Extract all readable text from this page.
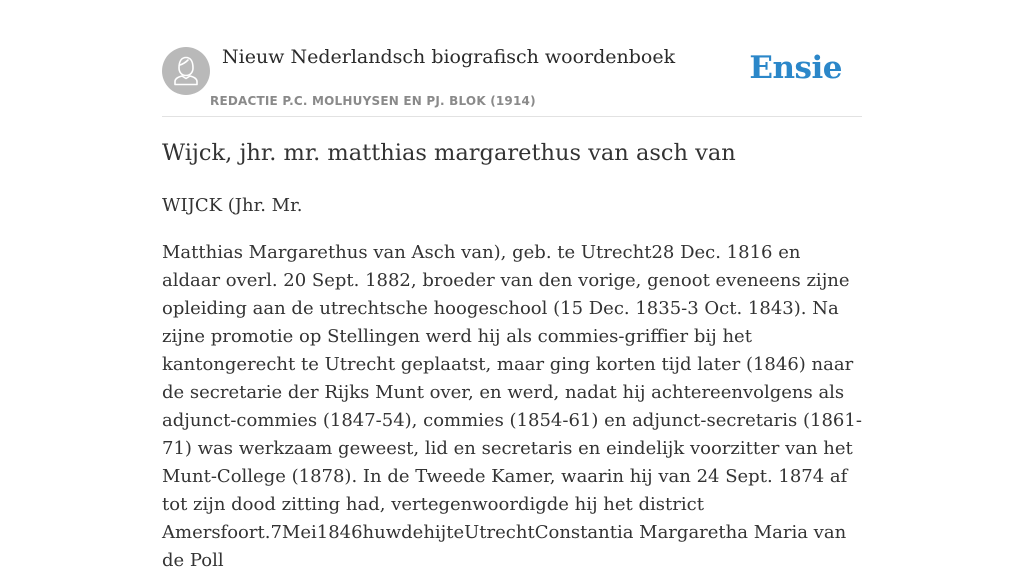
Nieuw Nederlandsch biografisch woordenboek
REDACTIE P.C. MOLHUYSEN EN PJ. BLOK (1914)
Ensie
Wijck, jhr. mr. matthias margarethus van asch van

WIJCK (Jhr. Mr.

Matthias Margarethus van Asch van), geb. te Utrecht28 Dec. 1816 en aldaar overl. 20 Sept. 1882, broeder van den vorige, genoot eveneens zijne opleiding aan de utrechtsche hoogeschool (15 Dec. 1835-3 Oct. 1843). Na zijne promotie op Stellingen werd hij als commies-griffier bij het kantongerecht te Utrecht geplaatst, maar ging korten tijd later (1846) naar de secretarie der Rijks Munt over, en werd, nadat hij achtereenvolgens als adjunct-commies (1847-54), commies (1854-61) en adjunct-secretaris (1861-71) was werkzaam geweest, lid en secretaris en eindelijk voorzitter van het Munt-College (1878). In de Tweede Kamer, waarin hij van 24 Sept. 1874 af tot zijn dood zitting had, vertegenwoordigde hij het district Amersfoort.7Mei1846huwdehijteUtrechtConstantia Margaretha Maria van de Poll
